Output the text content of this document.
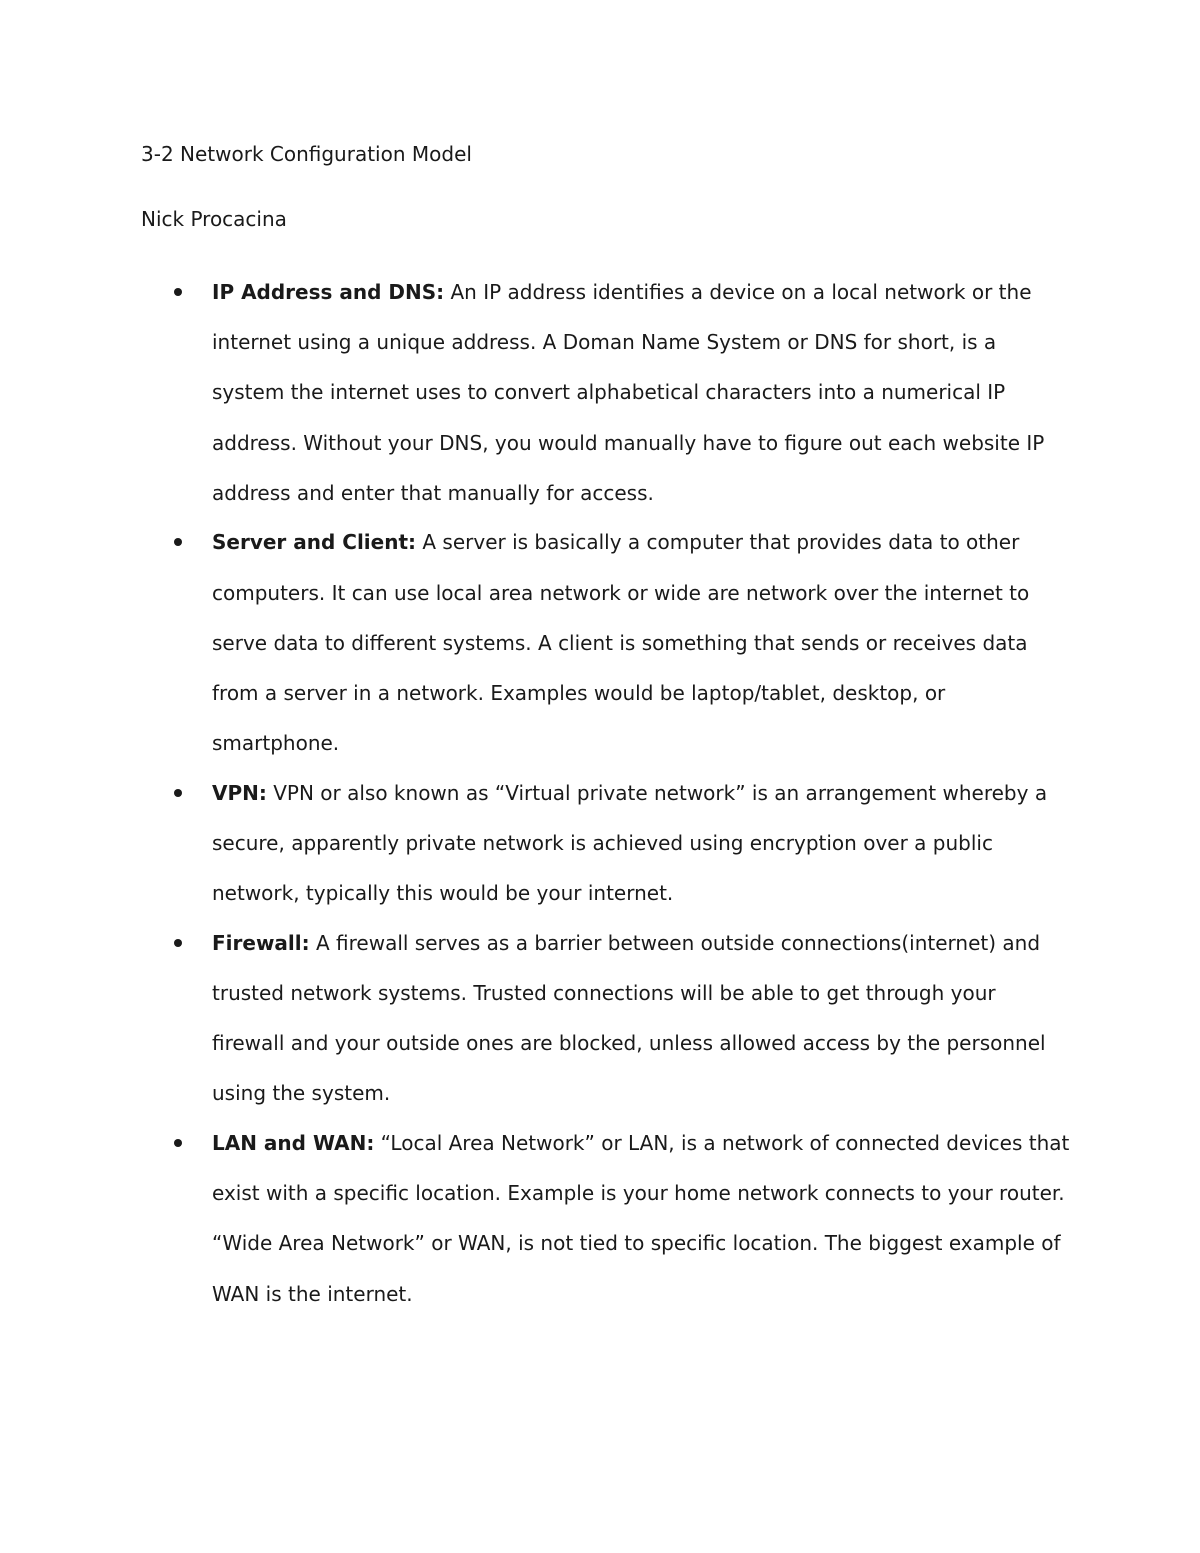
3-2 Network Configuration Model

Nick Procacina

IP Address and DNS: An IP address identifies a device on a local network or the internet using a unique address. A Doman Name System or DNS for short, is a system the internet uses to convert alphabetical characters into a numerical IP address. Without your DNS, you would manually have to figure out each website IP address and enter that manually for access.
Server and Client: A server is basically a computer that provides data to other computers. It can use local area network or wide are network over the internet to serve data to different systems. A client is something that sends or receives data from a server in a network. Examples would be laptop/tablet, desktop, or smartphone.
VPN: VPN or also known as “Virtual private network” is an arrangement whereby a secure, apparently private network is achieved using encryption over a public network, typically this would be your internet.
Firewall: A firewall serves as a barrier between outside connections(internet) and trusted network systems. Trusted connections will be able to get through your firewall and your outside ones are blocked, unless allowed access by the personnel using the system.
LAN and WAN: “Local Area Network” or LAN, is a network of connected devices that exist with a specific location. Example is your home network connects to your router. “Wide Area Network” or WAN, is not tied to specific location. The biggest example of WAN is the internet.
